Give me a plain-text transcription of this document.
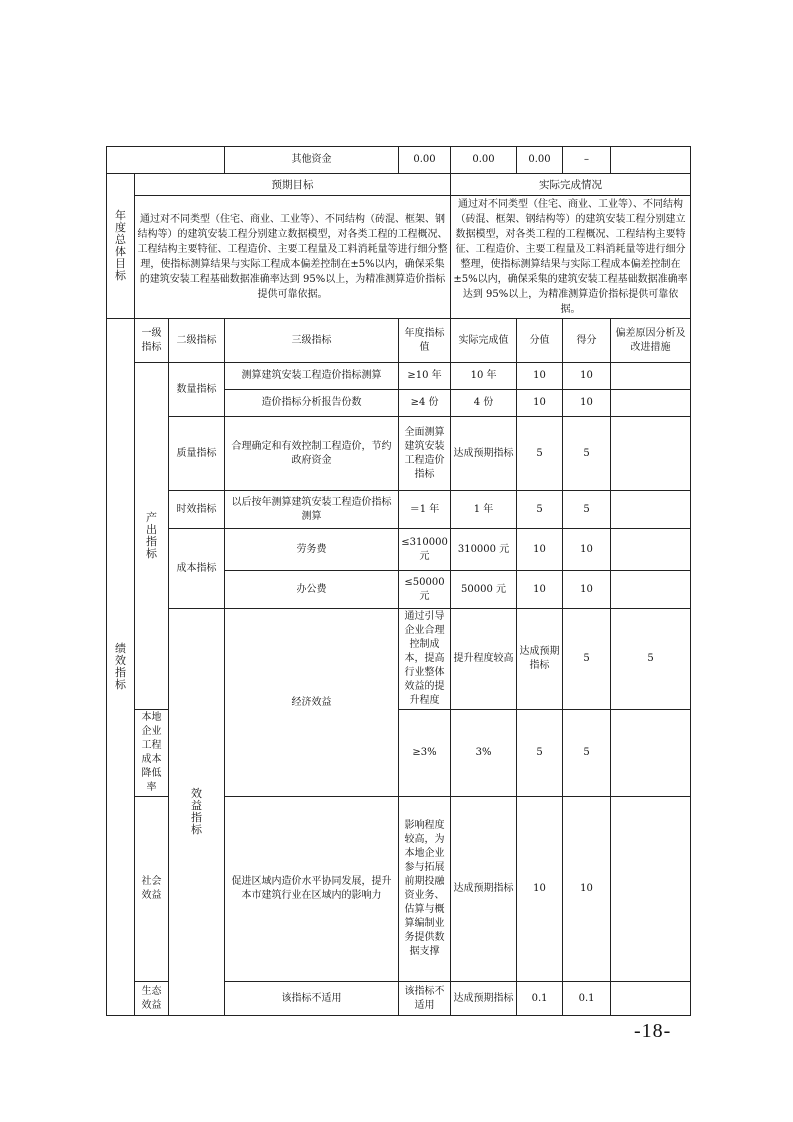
			其他资金	0.00	0.00	0.00	–		

年度总体目标	预期目标				实际完成情况				
	通过对不同类型（住宅、商业、工业等）、不同结构（砖混、框架、钢结构等）的建筑安装工程分别建立数据模型，对各类工程的工程概况、工程结构主要特征、工程造价、主要工程量及工料消耗量等进行细分整理，使指标测算结果与实际工程成本偏差控制在±5%以内，确保采集的建筑安装工程基础数据准确率达到 95%以上，为精准测算造价指标提供可靠依据。				通过对不同类型（住宅、商业、工业等）、不同结构（砖混、框架、钢结构等）的建筑安装工程分别建立数据模型，对各类工程的工程概况、工程结构主要特征、工程造价、主要工程量及工料消耗量等进行细分整理，使指标测算结果与实际工程成本偏差控制在±5%以内，确保采集的建筑安装工程基础数据准确率达到 95%以上，为精准测算造价指标提供可靠依据。				

绩效指标	一级指标	二级指标	三级指标	年度指标值	实际完成值	分值	得分	偏差原因分析及改进措施	

	产出指标	数量指标	测算建筑安装工程造价指标测算	≥10 年	10 年	10	10		
			造价指标分析报告份数	≥4 份	4 份	10	10		
		质量指标	合理确定和有效控制工程造价，节约政府资金	全面测算建筑安装工程造价指标	达成预期指标	5	5		
		时效指标	以后按年测算建筑安装工程造价指标测算	＝1 年	1 年	5	5		
		成本指标	劳务费	≤310000元	310000 元	10	10		
			办公费	≤50000元	50000 元	10	10		

		效益指标	经济效益	通过引导企业合理控制成本，提高行业整体效益的提升程度	提升程度较高	达成预期指标	5	5	
	本地企业工程成本降低率			≥3%	3%	5	5		
	社会效益		促进区域内造价水平协同发展，提升本市建筑行业在区域内的影响力	影响程度较高，为本地企业参与拓展前期投融资业务、估算与概算编制业务提供数据支撑	达成预期指标	10	10		
	生态效益		该指标不适用	该指标不适用	达成预期指标	0.1	0.1		
-18-
